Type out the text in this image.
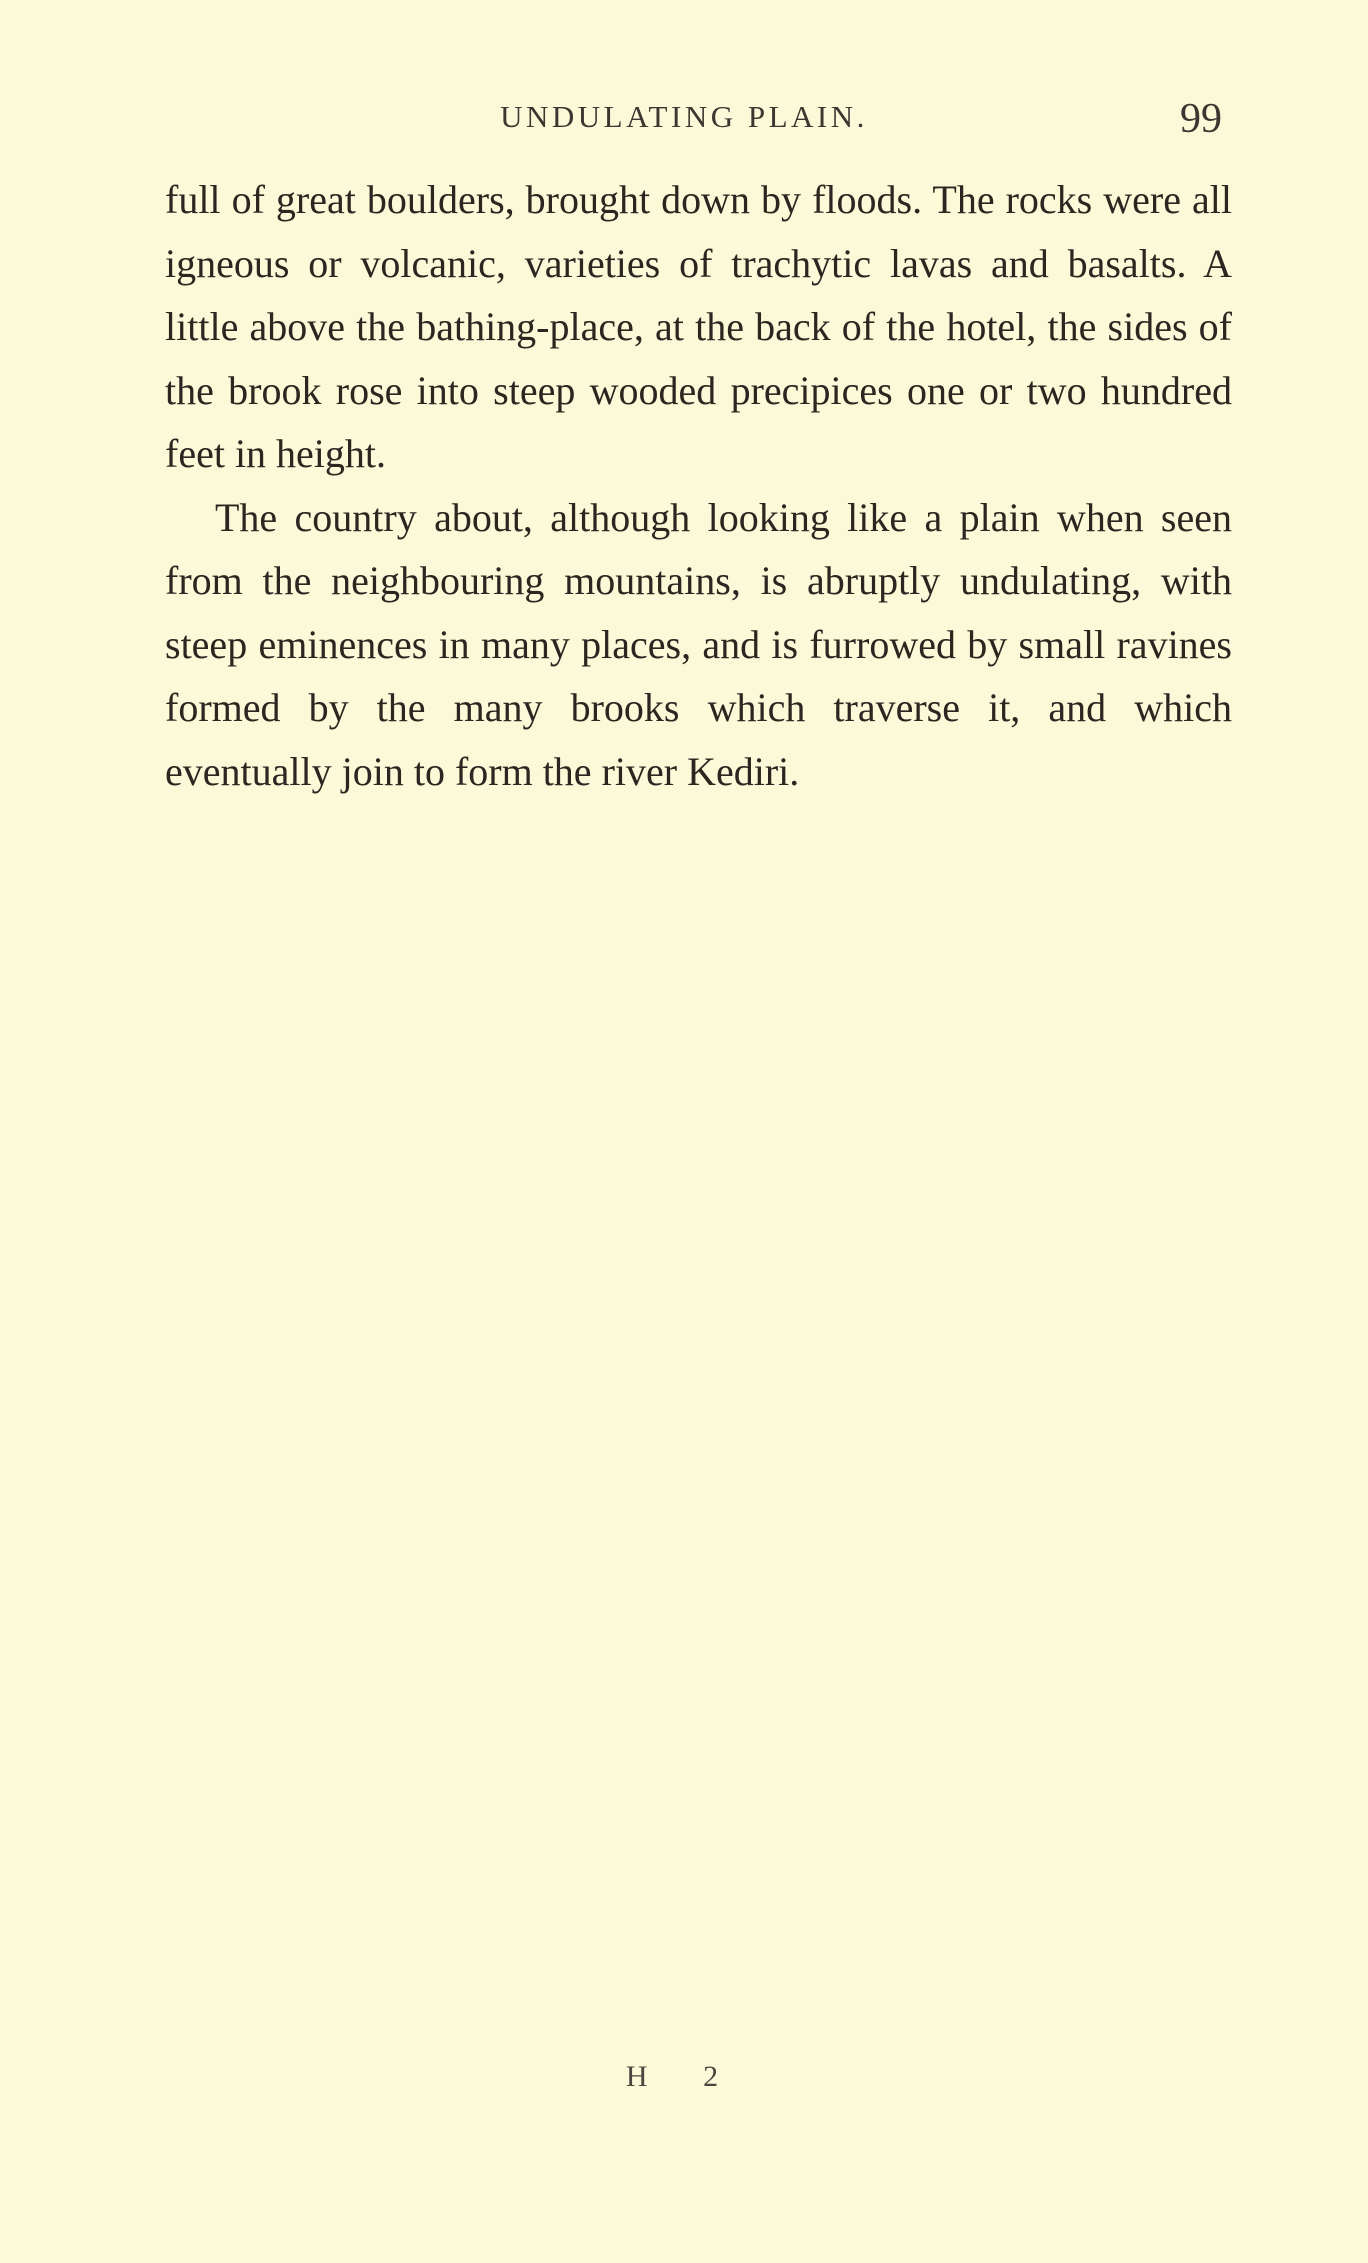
UNDULATING PLAIN.	99

full of great boulders, brought down by floods. The rocks were all igneous or volcanic, varieties of trachytic lavas and basalts. A little above the bathing-place, at the back of the hotel, the sides of the brook rose into steep wooded precipices one or two hundred feet in height.

The country about, although looking like a plain when seen from the neighbouring mountains, is abruptly undulating, with steep eminences in many places, and is furrowed by small ravines formed by the many brooks which traverse it, and which eventually join to form the river Kediri.

H 2
